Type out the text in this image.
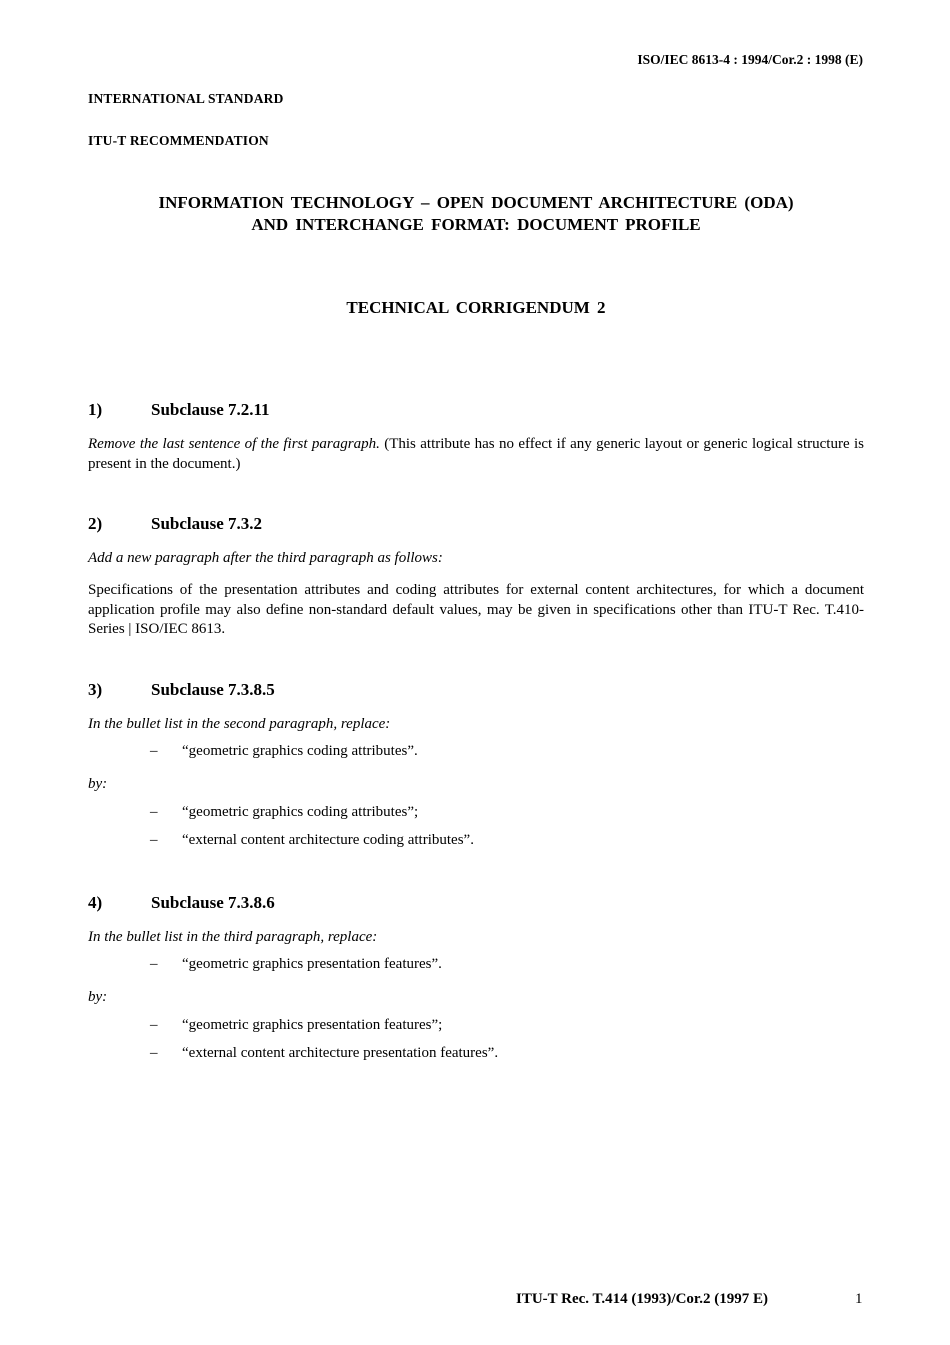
ISO/IEC 8613-4 : 1994/Cor.2 : 1998 (E)
INTERNATIONAL STANDARD
ITU-T RECOMMENDATION
INFORMATION TECHNOLOGY – OPEN DOCUMENT ARCHITECTURE (ODA)
AND INTERCHANGE FORMAT: DOCUMENT PROFILE
TECHNICAL CORRIGENDUM 2
1)	Subclause 7.2.11
Remove the last sentence of the first paragraph. (This attribute has no effect if any generic layout or generic logical structure is present in the document.)
2)	Subclause 7.3.2
Add a new paragraph after the third paragraph as follows:
Specifications of the presentation attributes and coding attributes for external content architectures, for which a document application profile may also define non-standard default values, may be given in specifications other than ITU-T Rec. T.410-Series | ISO/IEC 8613.
3)	Subclause 7.3.8.5
In the bullet list in the second paragraph, replace:
– “geometric graphics coding attributes”.
by:
– “geometric graphics coding attributes”;
– “external content architecture coding attributes”.
4)	Subclause 7.3.8.6
In the bullet list in the third paragraph, replace:
– “geometric graphics presentation features”.
by:
– “geometric graphics presentation features”;
– “external content architecture presentation features”.
ITU-T Rec. T.414 (1993)/Cor.2 (1997 E)	1
